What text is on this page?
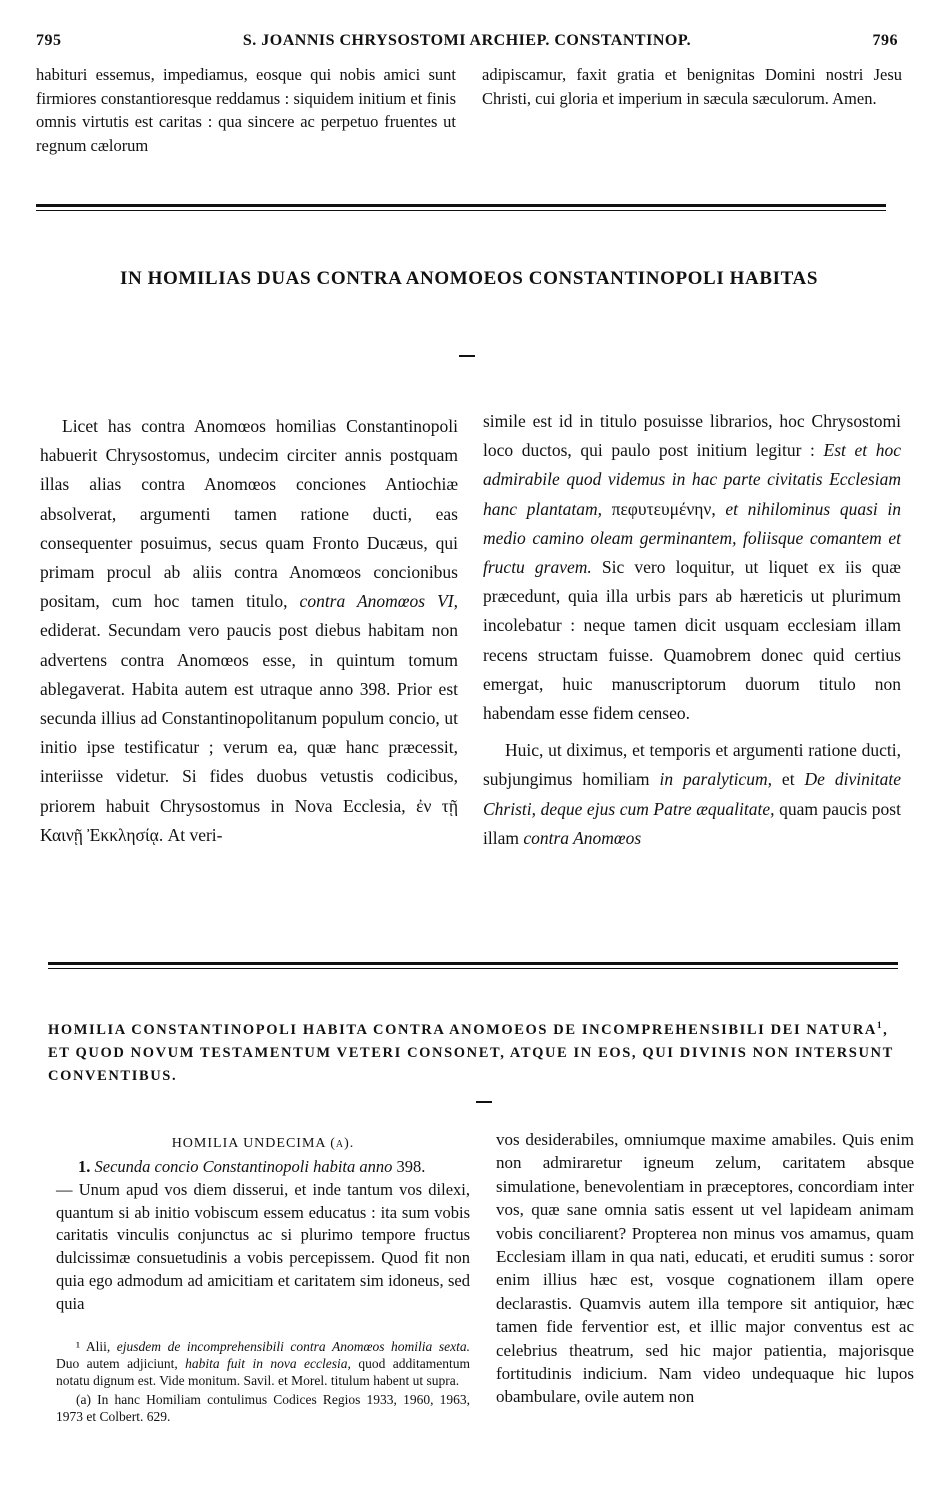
795	S. JOANNIS CHRYSOSTOMI ARCHIEP. CONSTANTINOP.	796

habituri essemus, impediamus, eosque qui nobis amici sunt firmiores constantioresque reddamus : siquidem initium et finis omnis virtutis est caritas : qua sincere ac perpetuo fruentes ut regnum cælorum

adipiscamur, faxit gratia et benignitas Domini nostri Jesu Christi, cui gloria et imperium in sæcula sæculorum. Amen.

IN HOMILIAS DUAS CONTRA ANOMOEOS CONSTANTINOPOLI HABITAS

Licet has contra Anomœos homilias Constantinopoli habuerit Chrysostomus, undecim circiter annis postquam illas alias contra Anomœos conciones Antiochiæ absolverat, argumenti tamen ratione ducti, eas consequenter posuimus, secus quam Fronto Ducæus, qui primam procul ab aliis contra Anomœos concionibus positam, cum hoc tamen titulo, contra Anomœos VI, ediderat. Secundam vero paucis post diebus habitam non advertens contra Anomœos esse, in quintum tomum ablegaverat. Habita autem est utraque anno 398. Prior est secunda illius ad Constantinopolitanum populum concio, ut initio ipse testificatur ; verum ea, quæ hanc præcessit, interiisse videtur. Si fides duobus vetustis codicibus, priorem habuit Chrysostomus in Nova Ecclesia, ἐν τῇ Καινῇ Ἐκκλησίᾳ. At veri-

simile est id in titulo posuisse librarios, hoc Chrysostomi loco ductos, qui paulo post initium legitur : Est et hoc admirabile quod videmus in hac parte civitatis Ecclesiam hanc plantatam, πεφυτευμένην, et nihilominus quasi in medio camino oleam germinantem, foliisque comantem et fructu gravem. Sic vero loquitur, ut liquet ex iis quæ præcedunt, quia illa urbis pars ab hæreticis ut plurimum incolebatur : neque tamen dicit usquam ecclesiam illam recens structam fuisse. Quamobrem donec quid certius emergat, huic manuscriptorum duorum titulo non habendam esse fidem censeo.

Huic, ut diximus, et temporis et argumenti ratione ducti, subjungimus homiliam in paralyticum, et De divinitate Christi, deque ejus cum Patre æqualitate, quam paucis post illam contra Anomœos

HOMILIA CONSTANTINOPOLI HABITA CONTRA ANOMOEOS DE INCOMPREHENSIBILI DEI NATURA$^1$, ET QUOD NOVUM TESTAMENTUM VETERI CONSONET, ATQUE IN EOS, QUI DIVINIS NON INTERSUNT CONVENTIBUS.
HOMILIA UNDECIMA (a).

1. Secunda concio Constantinopoli habita anno 398.
— Unum apud vos diem disserui, et inde tantum vos dilexi, quantum si ab initio vobiscum essem educatus : ita sum vobis caritatis vinculis conjunctus ac si plurimo tempore fructus dulcissimæ consuetudinis a vobis percepissem. Quod fit non quia ego admodum ad amicitiam et caritatem sim idoneus, sed quia

¹ Alii, ejusdem de incomprehensibili contra Anomœos homilia sexta. Duo autem adjiciunt, habita fuit in nova ecclesia, quod additamentum notatu dignum est. Vide monitum. Savil. et Morel. titulum habent ut supra.

(a) In hanc Homiliam contulimus Codices Regios 1933, 1960, 1963, 1973 et Colbert. 629.

vos desiderabiles, omniumque maxime amabiles. Quis enim non admiraretur igneum zelum, caritatem absque simulatione, benevolentiam in præceptores, concordiam inter vos, quæ sane omnia satis essent ut vel lapideam animam vobis conciliarent? Propterea non minus vos amamus, quam Ecclesiam illam in qua nati, educati, et eruditi sumus : soror enim illius hæc est, vosque cognationem illam opere declarastis. Quamvis autem illa tempore sit antiquior, hæc tamen fide ferventior est, et illic major conventus est ac celebrius theatrum, sed hic major patientia, majorisque fortitudinis indicium. Nam video undequaque hic lupos obambulare, ovile autem non
